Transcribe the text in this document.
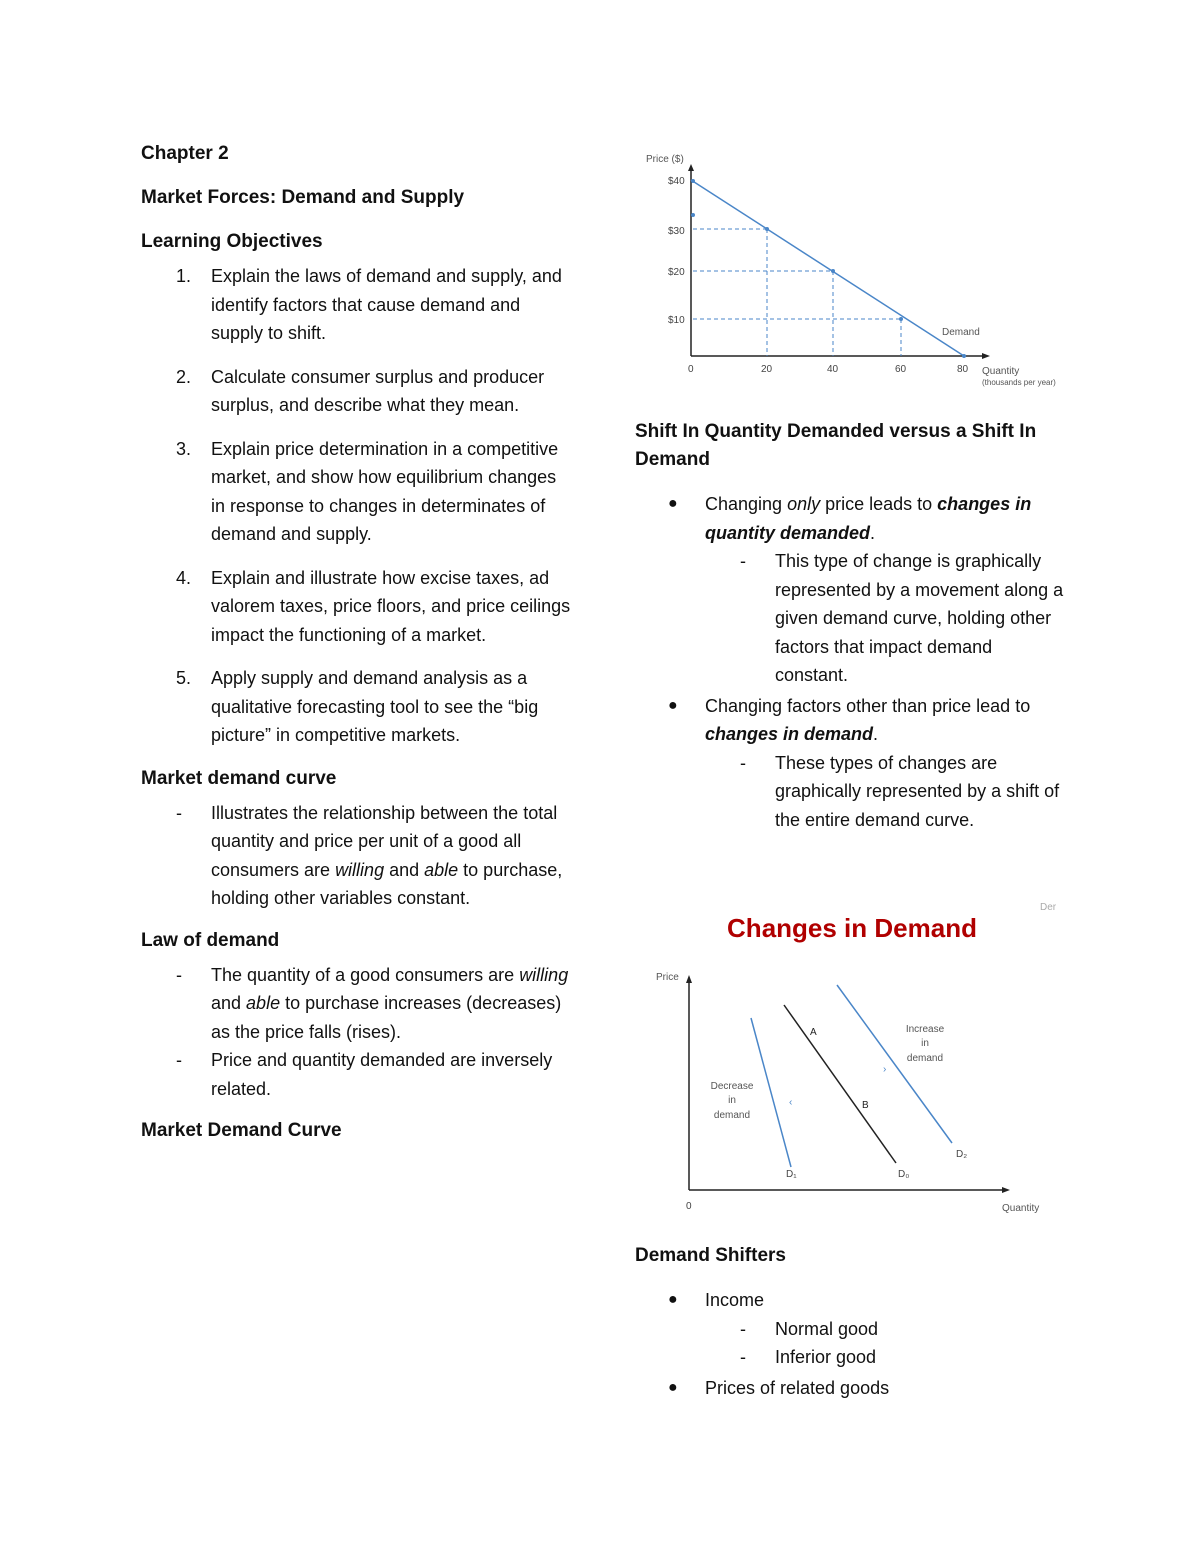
Chapter 2

Market Forces: Demand and Supply

Learning Objectives

1. Explain the laws of demand and supply, and identify factors that cause demand and supply to shift.
2. Calculate consumer surplus and producer surplus, and describe what they mean.
3. Explain price determination in a competitive market, and show how equilibrium changes in response to changes in determinates of demand and supply.
4. Explain and illustrate how excise taxes, ad valorem taxes, price floors, and price ceilings impact the functioning of a market.
5. Apply supply and demand analysis as a qualitative forecasting tool to see the “big picture” in competitive markets.

Market demand curve

- Illustrates the relationship between the total quantity and price per unit of a good all consumers are willing and able to purchase, holding other variables constant.

Law of demand

- The quantity of a good consumers are willing and able to purchase increases (decreases) as the price falls (rises).
- Price and quantity demanded are inversely related.

Market Demand Curve

Price ($)
$40
$30
$20
$10
Demand
0	20	40	60	80 Quantity
(thousands per year)

Shift In Quantity Demanded versus a Shift In Demand

● Changing only price leads to changes in quantity demanded.
- This type of change is graphically represented by a movement along a given demand curve, holding other factors that impact demand constant.
● Changing factors other than price lead to changes in demand.
- These types of changes are graphically represented by a shift of the entire demand curve.
Changes in Demand
Der
Price
0	Quantity
A
B
Increase
in
demand
Decrease
in
demand
›
‹
D₁	D₀
D₂

Demand Shifters

● Income
- Normal good
- Inferior good
● Prices of related goods
